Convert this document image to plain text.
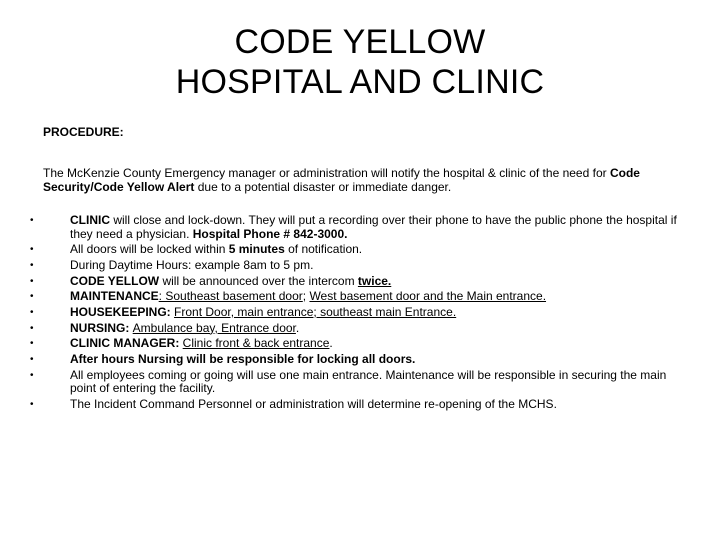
CODE YELLOW
HOSPITAL AND CLINIC
PROCEDURE:
The McKenzie County Emergency manager or administration will notify the hospital & clinic of the need for Code Security/Code Yellow Alert due to a potential disaster or immediate danger.
•	CLINIC will close and lock-down. They will put a recording over their phone to have the public phone the hospital if they need a physician. Hospital Phone # 842-3000.
•	All doors will be locked within 5 minutes of notification.
•	During Daytime Hours: example 8am to 5 pm.
•	CODE YELLOW will be announced over the intercom twice.
•	MAINTENANCE: Southeast basement door; West basement door and the Main entrance.
•	HOUSEKEEPING: Front Door, main entrance; southeast main Entrance.
•	NURSING: Ambulance bay, Entrance door.
•	CLINIC MANAGER: Clinic front & back entrance.
•	After hours Nursing will be responsible for locking all doors.
•	All employees coming or going will use one main entrance. Maintenance will be responsible in securing the main point of entering the facility.
•	The Incident Command Personnel or administration will determine re-opening of the MCHS.
